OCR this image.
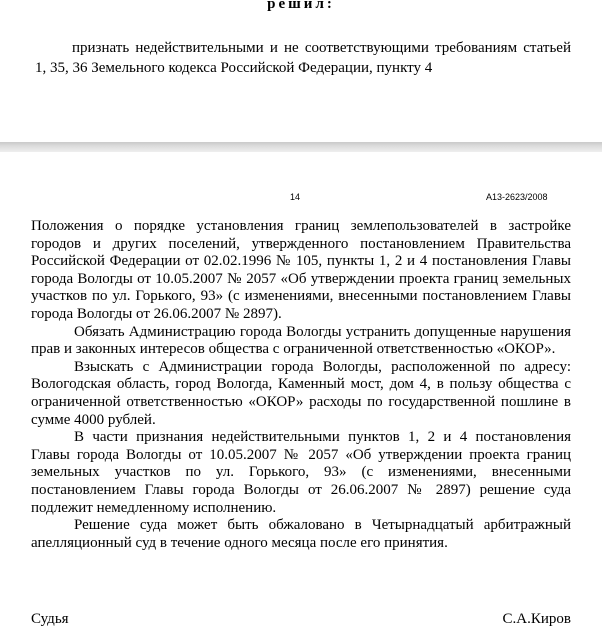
решил:

признать недействительными и не соответствующими требованиям статьей 1, 35, 36 Земельного кодекса Российской Федерации, пункту 4

14	А13-2623/2008

Положения о порядке установления границ землепользователей в застройке городов и других поселений, утвержденного постановлением Правительства Российской Федерации от 02.02.1996 № 105, пункты 1, 2 и 4 постановления Главы города Вологды от 10.05.2007 № 2057 «Об утверждении проекта границ земельных участков по ул. Горького, 93» (с изменениями, внесенными постановлением Главы города Вологды от 26.06.2007 № 2897).

Обязать Администрацию города Вологды устранить допущенные нарушения прав и законных интересов общества с ограниченной ответственностью «ОКОР».

Взыскать с Администрации города Вологды, расположенной по адресу: Вологодская область, город Вологда, Каменный мост, дом 4, в пользу общества с ограниченной ответственностью «ОКОР» расходы по государственной пошлине в сумме 4000 рублей.

В части признания недействительными пунктов 1, 2 и 4 постановления Главы города Вологды от 10.05.2007 № 2057 «Об утверждении проекта границ земельных участков по ул. Горького, 93» (с изменениями, внесенными постановлением Главы города Вологды от 26.06.2007 № 2897) решение суда подлежит немедленному исполнению.

Решение суда может быть обжаловано в Четырнадцатый арбитражный апелляционный суд в течение одного месяца после его принятия.

Судья	С.А.Киров
